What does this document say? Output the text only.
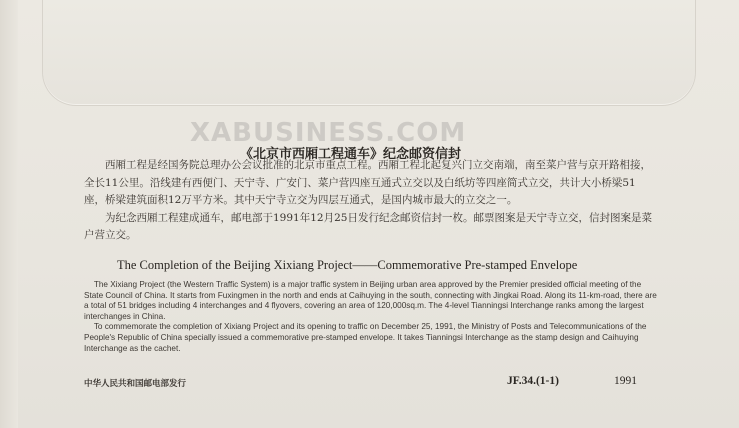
XABUSINESS.COM
《北京市西厢工程通车》纪念邮资信封

西厢工程是经国务院总理办公会议批准的北京市重点工程。西厢工程北起复兴门立交南端，南至菜户营与京开路相接，全长11公里。沿线建有西便门、天宁寺、广安门、菜户营四座互通式立交以及白纸坊等四座简式立交，共计大小桥梁51座，桥梁建筑面积12万平方米。其中天宁寺立交为四层互通式，是国内城市最大的立交之一。

为纪念西厢工程建成通车，邮电部于1991年12月25日发行纪念邮资信封一枚。邮票图案是天宁寺立交，信封图案是菜户营立交。

The Completion of the Beijing Xixiang Project——Commemorative Pre-stamped Envelope

The Xixiang Project (the Western Traffic System) is a major traffic system in Beijing urban area approved by the Premier presided official meeting of the State Council of China. It starts from Fuxingmen in the north and ends at Caihuying in the south, connecting with Jingkai Road. Along its 11-km-road, there are a total of 51 bridges including 4 interchanges and 4 flyovers, covering an area of 120,000sq.m. The 4-level Tianningsi Interchange ranks among the largest interchanges in China.

To commemorate the completion of Xixiang Project and its opening to traffic on December 25, 1991, the Ministry of Posts and Telecommunications of the People's Republic of China specially issued a commemorative pre-stamped envelope. It takes Tianningsi Interchange as the stamp design and Caihuying Interchange as the cachet.

中华人民共和国邮电部发行	JF.34.(1-1)	1991
